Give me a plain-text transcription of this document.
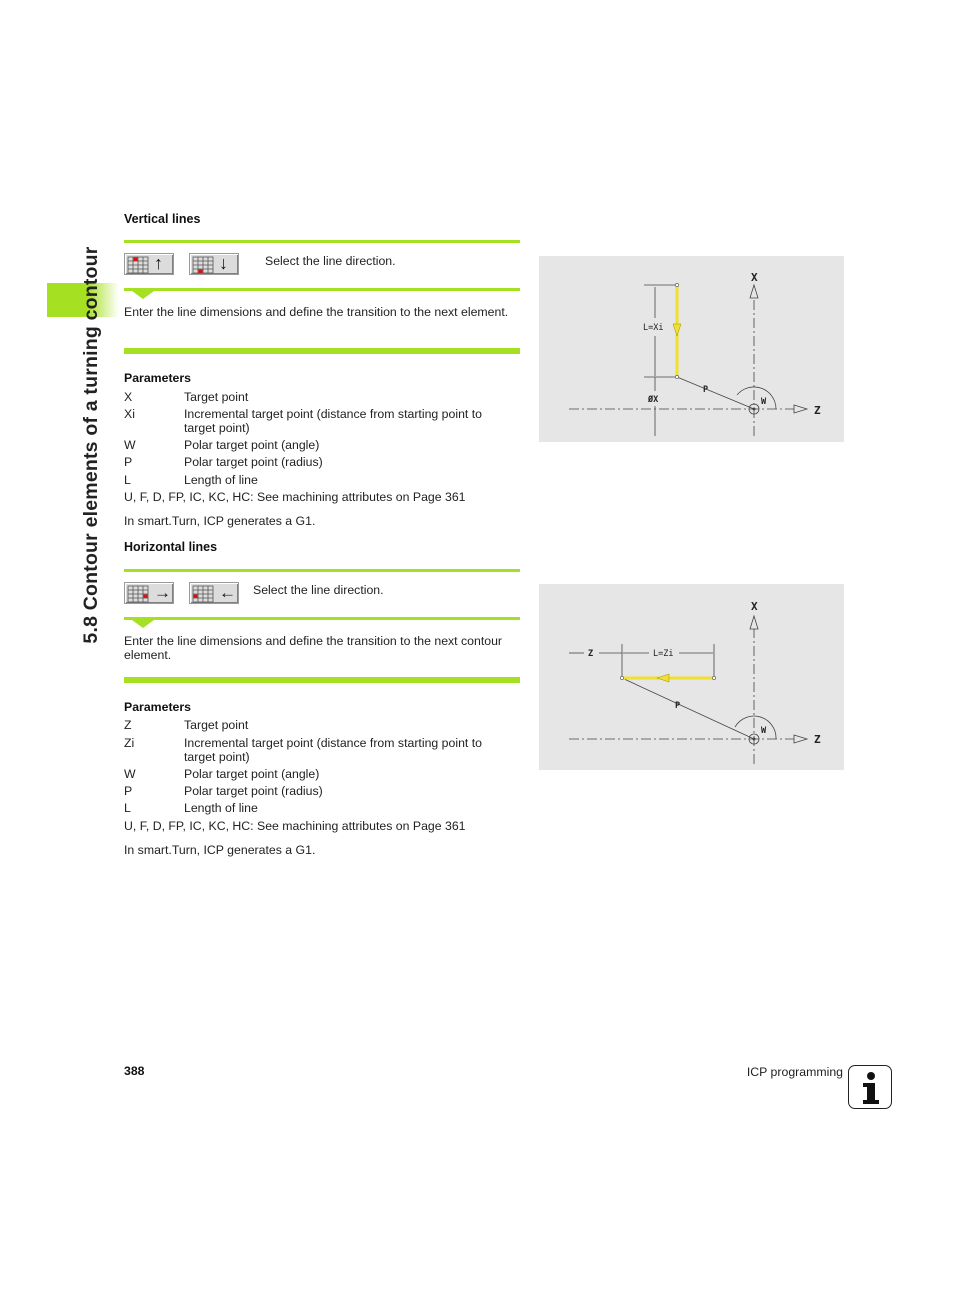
5.8 Contour elements of a turning contour
Vertical lines
↑	↓	Select the line direction.
Enter the line dimensions and define the transition to the next element.
Parameters
X	Target point
Xi	Incremental target point (distance from starting point to target point)
W	Polar target point (angle)
P	Polar target point (radius)
L	Length of line
U, F, D, FP, IC, KC, HC: See machining attributes on Page 361
In smart.Turn, ICP generates a G1.
X
Z
L=Xi
P
W
ØX
Horizontal lines
→	← Select the line direction.
Enter the line dimensions and define the transition to the next contour element.
Parameters
Z	Target point
Zi	Incremental target point (distance from starting point to target point)
W	Polar target point (angle)
P	Polar target point (radius)
L	Length of line
U, F, D, FP, IC, KC, HC: See machining attributes on Page 361
In smart.Turn, ICP generates a G1.
X
Z
Z	L=Zi
P
W
388	ICP programming
